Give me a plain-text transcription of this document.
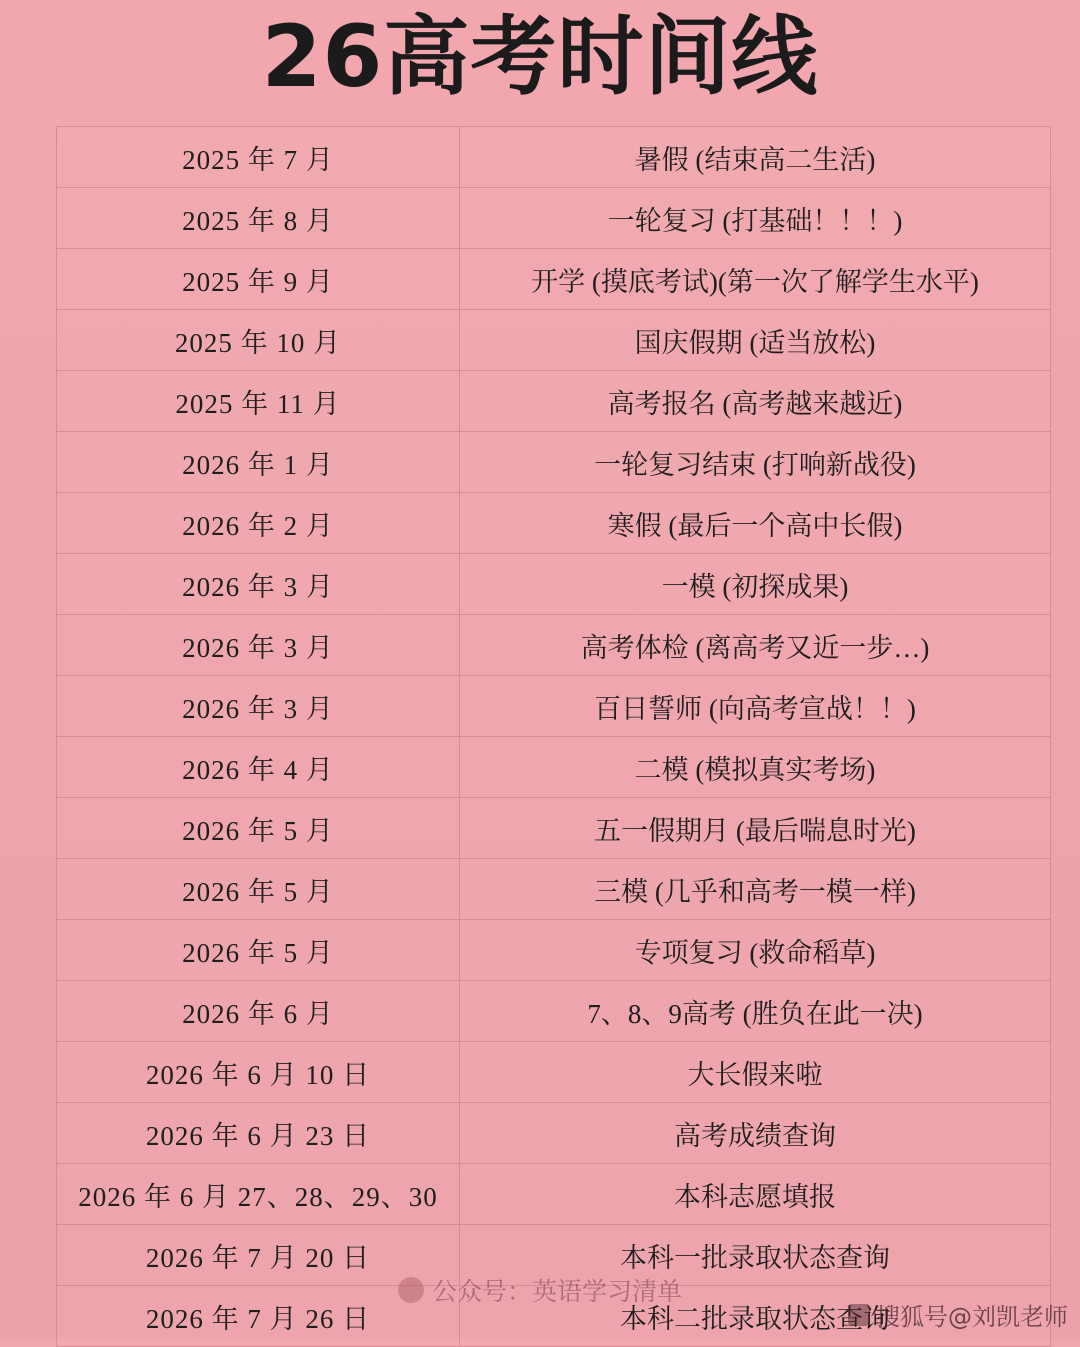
26高考时间线
2025 年 7 月	暑假 (结束高二生活)
2025 年 8 月	一轮复习 (打基础！！！)
2025 年 9 月	开学 (摸底考试)(第一次了解学生水平)
2025 年 10 月	国庆假期 (适当放松)
2025 年 11 月	高考报名 (高考越来越近)
2026 年 1 月	一轮复习结束 (打响新战役)
2026 年 2 月	寒假 (最后一个高中长假)
2026 年 3 月	一模 (初探成果)
2026 年 3 月	高考体检 (离高考又近一步…)
2026 年 3 月	百日誓师 (向高考宣战！！)
2026 年 4 月	二模 (模拟真实考场)
2026 年 5 月	五一假期月 (最后喘息时光)
2026 年 5 月	三模 (几乎和高考一模一样)
2026 年 5 月	专项复习 (救命稻草)
2026 年 6 月	7、8、9高考 (胜负在此一决)
2026 年 6 月 10 日	大长假来啦
2026 年 6 月 23 日	高考成绩查询
2026 年 6 月 27、28、29、30	本科志愿填报
2026 年 7 月 20 日	本科一批录取状态查询
2026 年 7 月 26 日	本科二批录取状态查询
公众号：英语学习清单
搜狐号@刘凯老师
